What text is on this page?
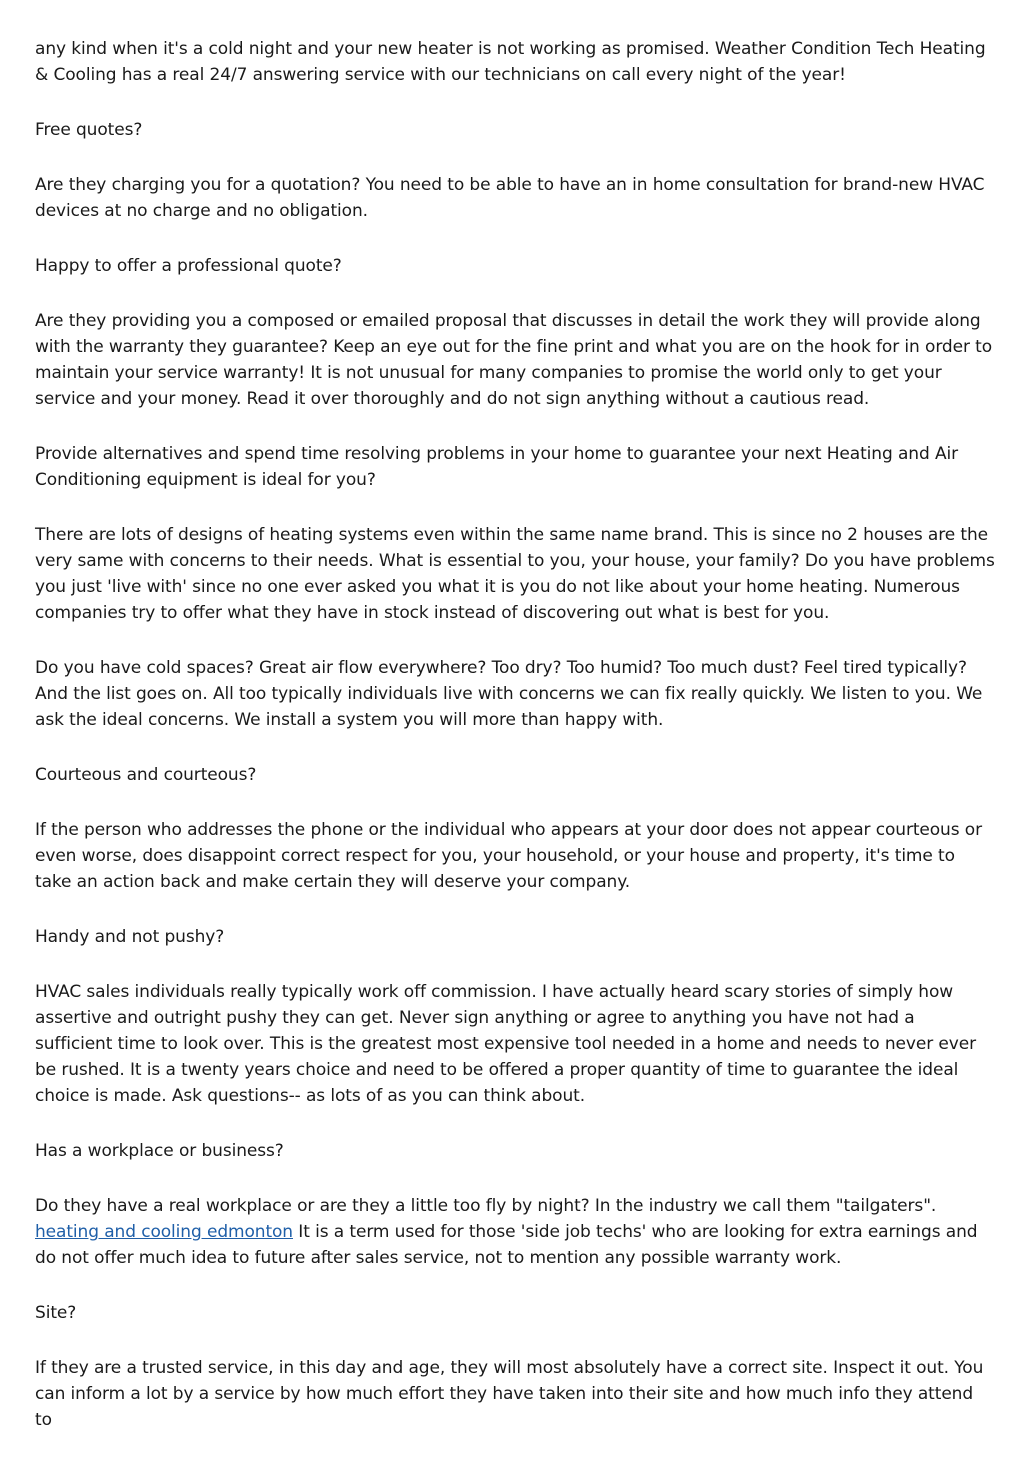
any kind when it's a cold night and your new heater is not working as promised. Weather Condition Tech Heating & Cooling has a real 24/7 answering service with our technicians on call every night of the year!

Free quotes?

Are they charging you for a quotation? You need to be able to have an in home consultation for brand-new HVAC devices at no charge and no obligation.

Happy to offer a professional quote?

Are they providing you a composed or emailed proposal that discusses in detail the work they will provide along with the warranty they guarantee? Keep an eye out for the fine print and what you are on the hook for in order to maintain your service warranty! It is not unusual for many companies to promise the world only to get your service and your money. Read it over thoroughly and do not sign anything without a cautious read.

Provide alternatives and spend time resolving problems in your home to guarantee your next Heating and Air Conditioning equipment is ideal for you?

There are lots of designs of heating systems even within the same name brand. This is since no 2 houses are the very same with concerns to their needs. What is essential to you, your house, your family? Do you have problems you just 'live with' since no one ever asked you what it is you do not like about your home heating. Numerous companies try to offer what they have in stock instead of discovering out what is best for you.

Do you have cold spaces? Great air flow everywhere? Too dry? Too humid? Too much dust? Feel tired typically? And the list goes on. All too typically individuals live with concerns we can fix really quickly. We listen to you. We ask the ideal concerns. We install a system you will more than happy with.

Courteous and courteous?

If the person who addresses the phone or the individual who appears at your door does not appear courteous or even worse, does disappoint correct respect for you, your household, or your house and property, it's time to take an action back and make certain they will deserve your company.

Handy and not pushy?

HVAC sales individuals really typically work off commission. I have actually heard scary stories of simply how assertive and outright pushy they can get. Never sign anything or agree to anything you have not had a sufficient time to look over. This is the greatest most expensive tool needed in a home and needs to never ever be rushed. It is a twenty years choice and need to be offered a proper quantity of time to guarantee the ideal choice is made. Ask questions-- as lots of as you can think about.

Has a workplace or business?

Do they have a real workplace or are they a little too fly by night? In the industry we call them "tailgaters". heating and cooling edmonton It is a term used for those 'side job techs' who are looking for extra earnings and do not offer much idea to future after sales service, not to mention any possible warranty work.

Site?

If they are a trusted service, in this day and age, they will most absolutely have a correct site. Inspect it out. You can inform a lot by a service by how much effort they have taken into their site and how much info they attend to
